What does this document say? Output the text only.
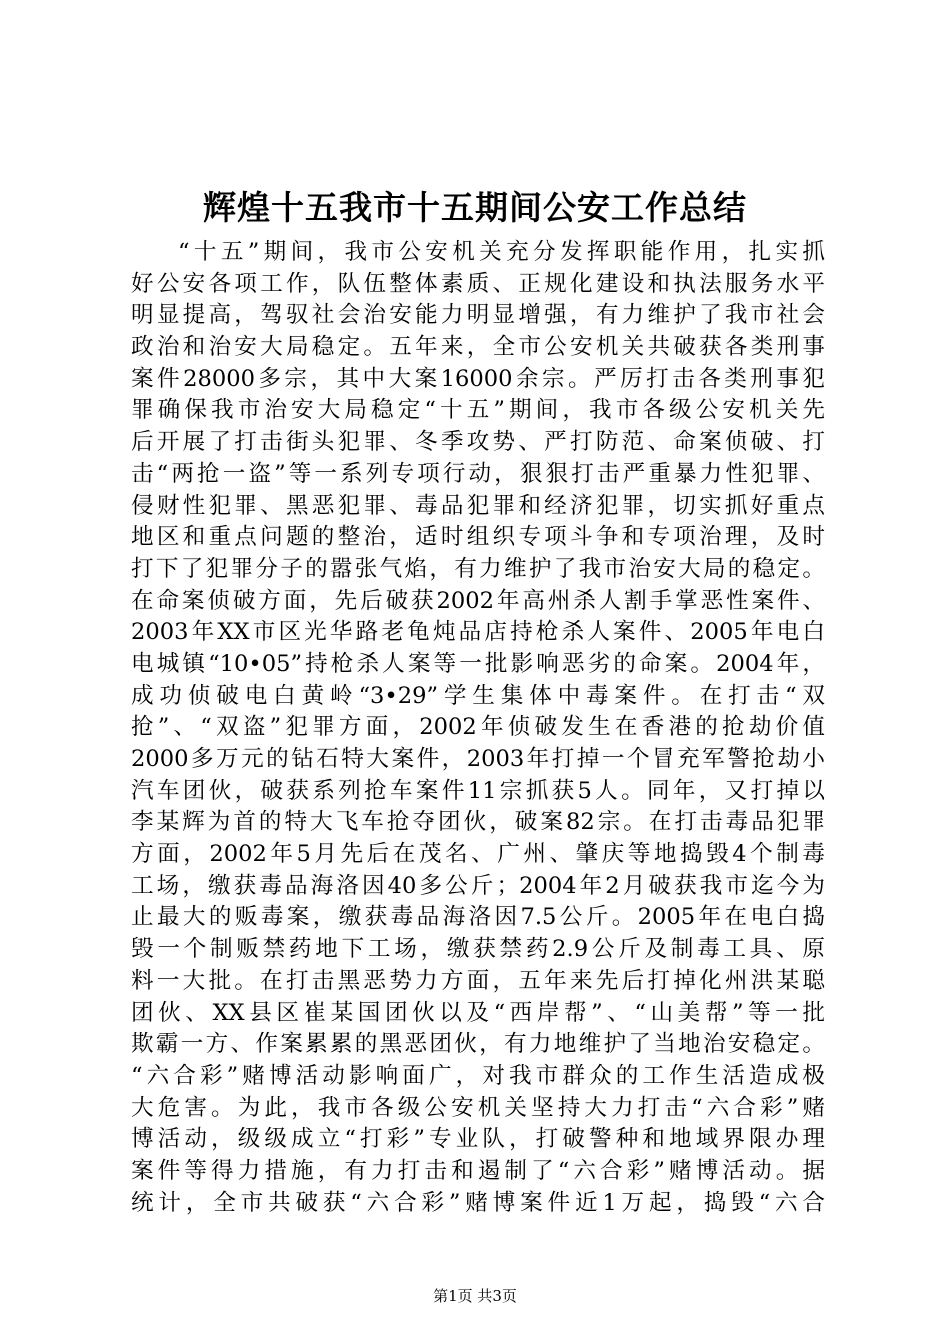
辉煌十五我市十五期间公安工作总结
“十五”期间，我市公安机关充分发挥职能作用，扎实抓
好公安各项工作，队伍整体素质、正规化建设和执法服务水平
明显提高，驾驭社会治安能力明显增强，有力维护了我市社会
政治和治安大局稳定。五年来，全市公安机关共破获各类刑事
案件28000多宗，其中大案16000余宗。严厉打击各类刑事犯
罪确保我市治安大局稳定“十五”期间，我市各级公安机关先
后开展了打击街头犯罪、冬季攻势、严打防范、命案侦破、打
击“两抢一盗”等一系列专项行动，狠狠打击严重暴力性犯罪、
侵财性犯罪、黑恶犯罪、毒品犯罪和经济犯罪，切实抓好重点
地区和重点问题的整治，适时组织专项斗争和专项治理，及时
打下了犯罪分子的嚣张气焰，有力维护了我市治安大局的稳定。
在命案侦破方面，先后破获2002年高州杀人割手掌恶性案件、
2003年XX市区光华路老龟炖品店持枪杀人案件、2005年电白
电城镇“10•05”持枪杀人案等一批影响恶劣的命案。2004年，
成功侦破电白黄岭“3•29”学生集体中毒案件。在打击“双
抢”、“双盗”犯罪方面，2002年侦破发生在香港的抢劫价值
2000多万元的钻石特大案件，2003年打掉一个冒充军警抢劫小
汽车团伙，破获系列抢车案件11宗抓获5人。同年，又打掉以
李某辉为首的特大飞车抢夺团伙，破案82宗。在打击毒品犯罪
方面，2002年5月先后在茂名、广州、肇庆等地捣毁4个制毒
工场，缴获毒品海洛因40多公斤；2004年2月破获我市迄今为
止最大的贩毒案，缴获毒品海洛因7.5公斤。2005年在电白捣
毁一个制贩禁药地下工场，缴获禁药2.9公斤及制毒工具、原
料一大批。在打击黑恶势力方面，五年来先后打掉化州洪某聪
团伙、XX县区崔某国团伙以及“西岸帮”、“山美帮”等一批
欺霸一方、作案累累的黑恶团伙，有力地维护了当地治安稳定。
“六合彩”赌博活动影响面广，对我市群众的工作生活造成极
大危害。为此，我市各级公安机关坚持大力打击“六合彩”赌
博活动，级级成立“打彩”专业队，打破警种和地域界限办理
案件等得力措施，有力打击和遏制了“六合彩”赌博活动。据
统计，全市共破获“六合彩”赌博案件近1万起，捣毁“六合
第1页 共3页
